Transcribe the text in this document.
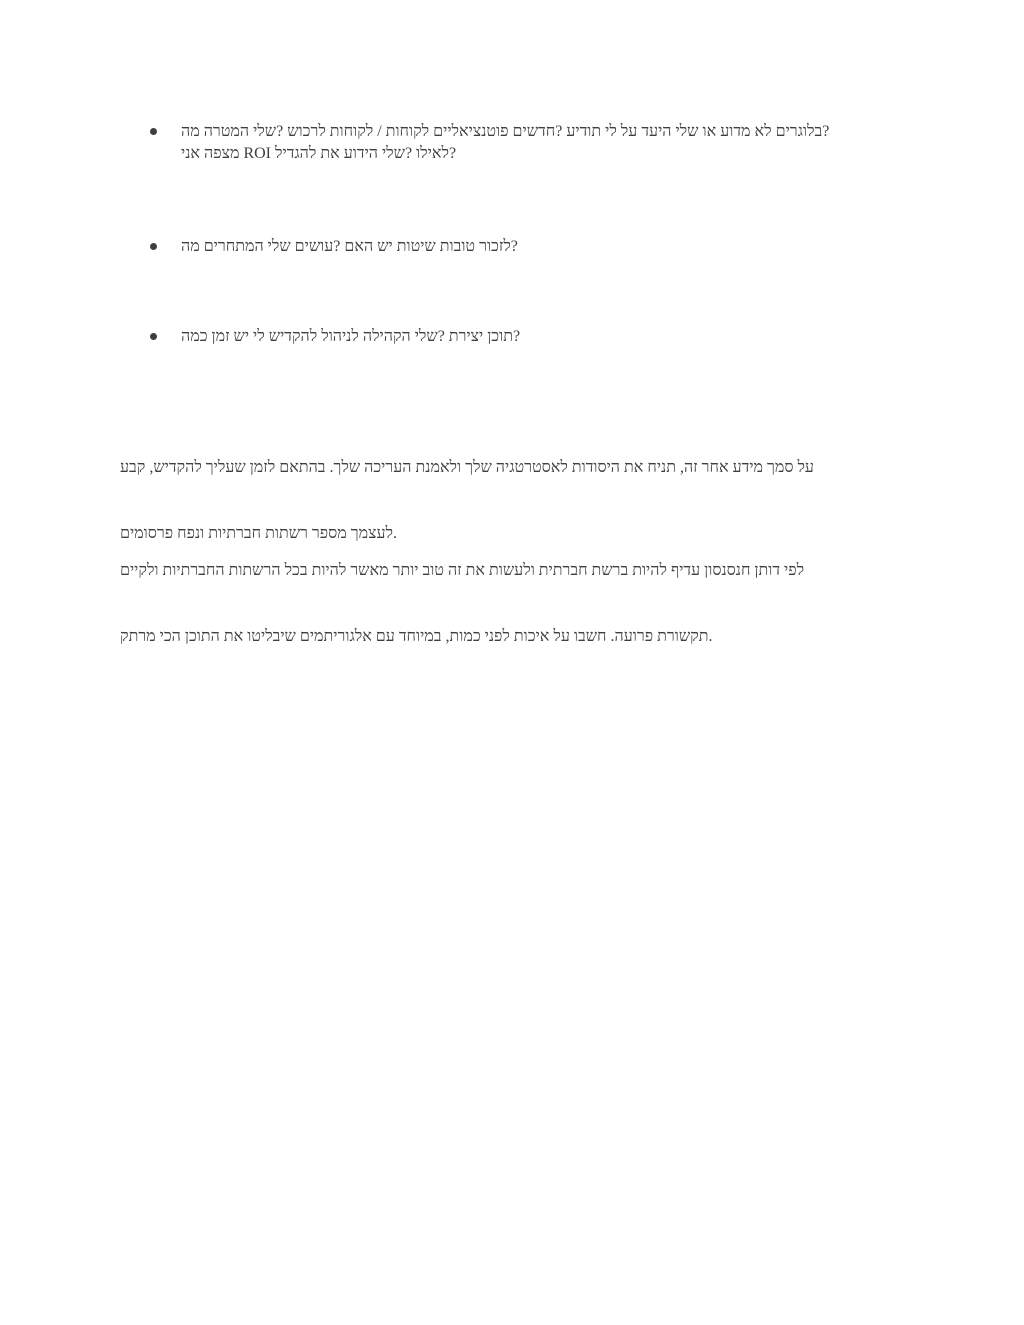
בלוגרים לא מדוע או שלי היעד על לי תודיע ?חדשים פוטנציאליים לקוחות / לקוחות לרכוש ?שלי המטרה מה?
מצפה אני ROI לאילו ?שלי הידוע את להגדיל?
לזכור טובות שיטות יש האם ?עושים שלי המתחרים מה?
תוכן יצירת ?שלי הקהילה לניהול להקדיש לי יש זמן כמה?

על סמך מידע אחר זה, תניח את היסודות לאסטרטגיה שלך ולאמנת העריכה שלך. בהתאם לזמן שעליך להקדיש, קבע

לעצמך מספר רשתות חברתיות ונפח פרסומים.

לפי דותן חנסנסון עדיף להיות ברשת חברתית ולעשות את זה טוב יותר מאשר להיות בכל הרשתות החברתיות ולקיים

תקשורת פרועה. חשבו על איכות לפני כמות, במיוחד עם אלגוריתמים שיבליטו את התוכן הכי מרתק.
